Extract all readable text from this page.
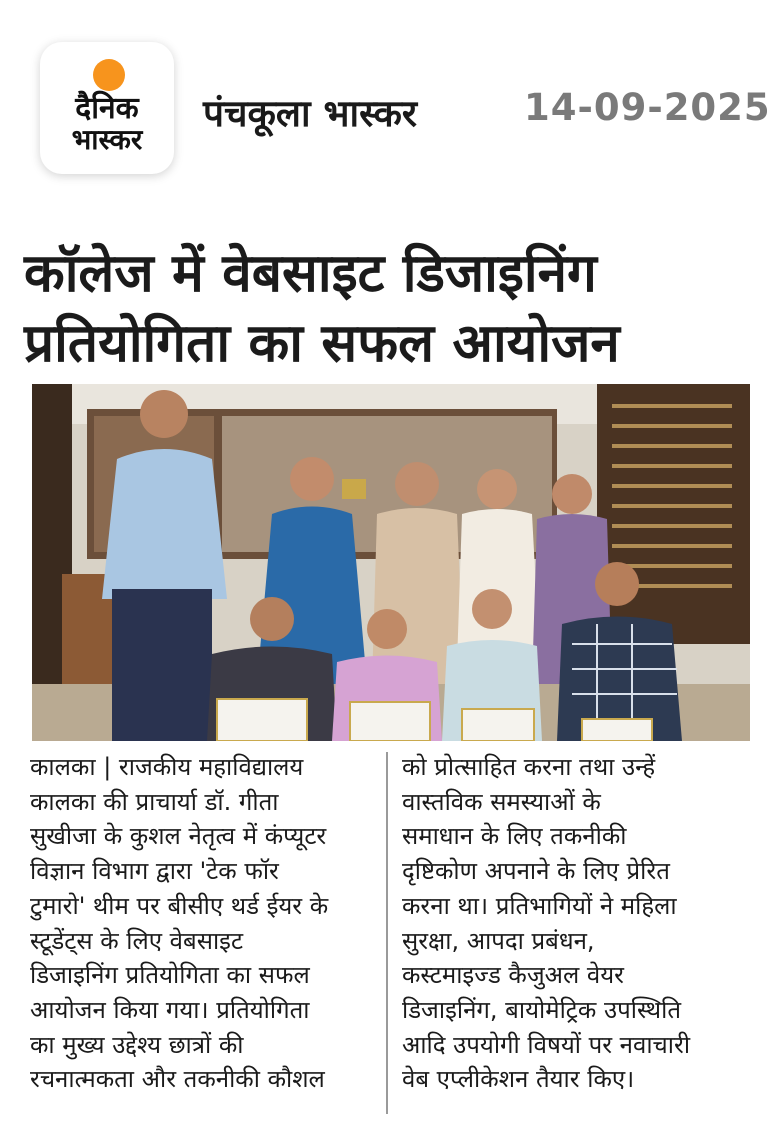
दैनिक
भास्कर
पंचकूला भास्कर	14-09-2025
कॉलेज में वेबसाइट डिजाइनिंग
प्रतियोगिता का सफल आयोजन

कालका | राजकीय महाविद्यालय

कालका की प्राचार्या डॉ. गीता

सुखीजा के कुशल नेतृत्व में कंप्यूटर

विज्ञान विभाग द्वारा 'टेक फॉर

टुमारो' थीम पर बीसीए थर्ड ईयर के

स्टूडेंट्स के लिए वेबसाइट

डिजाइनिंग प्रतियोगिता का सफल

आयोजन किया गया। प्रतियोगिता

का मुख्य उद्देश्य छात्रों की

रचनात्मकता और तकनीकी कौशल

को प्रोत्साहित करना तथा उन्हें

वास्तविक समस्याओं के

समाधान के लिए तकनीकी

दृष्टिकोण अपनाने के लिए प्रेरित

करना था। प्रतिभागियों ने महिला

सुरक्षा, आपदा प्रबंधन,

कस्टमाइज्ड कैजुअल वेयर

डिजाइनिंग, बायोमेट्रिक उपस्थिति

आदि उपयोगी विषयों पर नवाचारी

वेब एप्लीकेशन तैयार किए।
